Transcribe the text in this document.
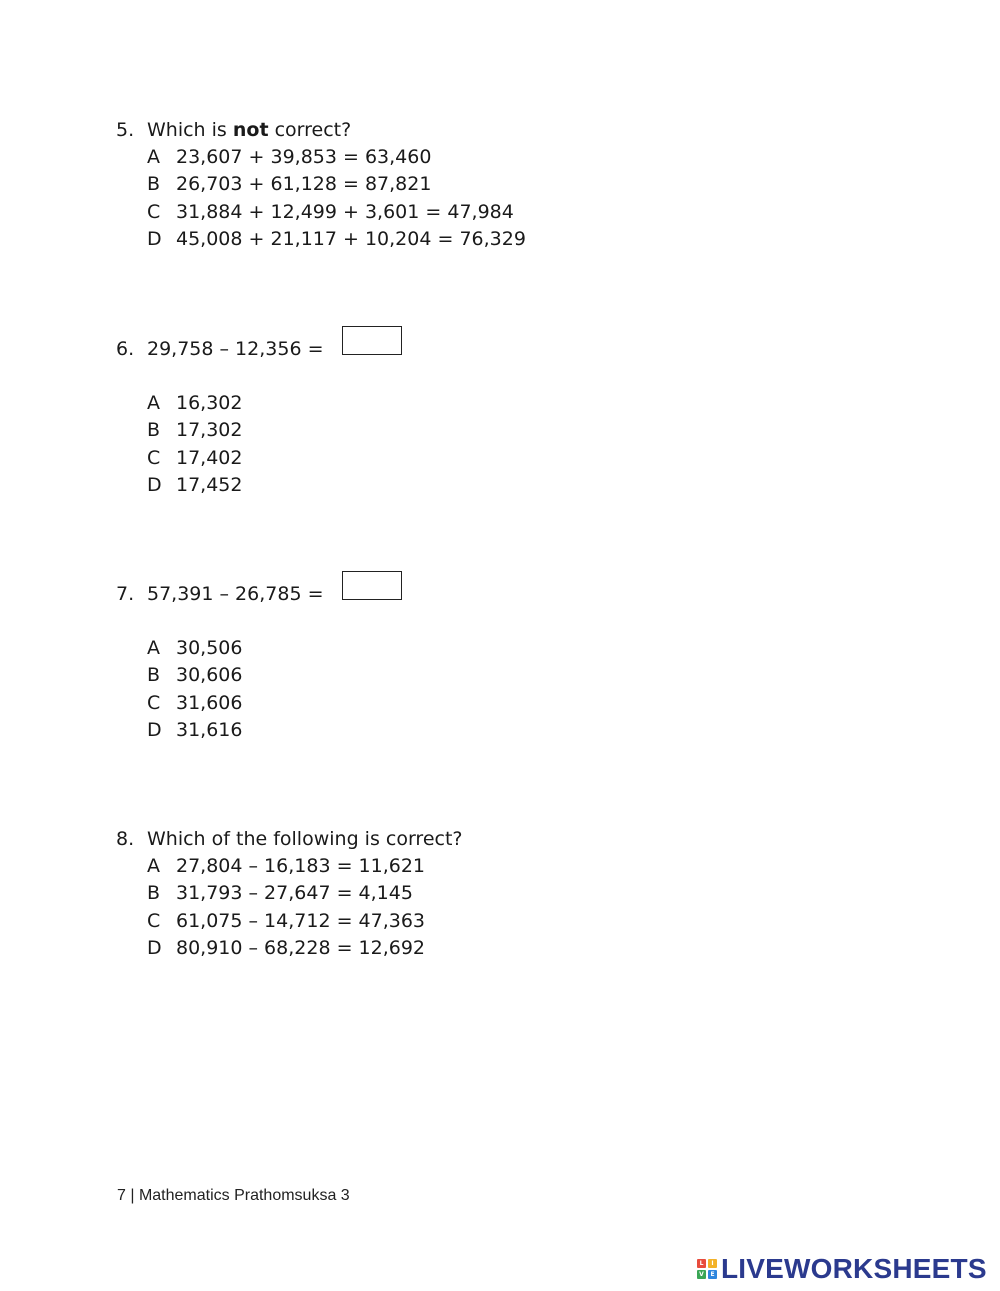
5. Which is not correct?
A 23,607 + 39,853 = 63,460
B 26,703 + 61,128 = 87,821
C 31,884 + 12,499 + 3,601 = 47,984
D 45,008 + 21,117 + 10,204 = 76,329
6. 29,758 – 12,356 =
A 16,302
B 17,302
C 17,402
D 17,452
7. 57,391 – 26,785 =
A 30,506
B 30,606
C 31,606
D 31,616
8. Which of the following is correct?
A 27,804 – 16,183 = 11,621
B 31,793 – 27,647 = 4,145
C 61,075 – 14,712 = 47,363
D 80,910 – 68,228 = 12,692
7 | Mathematics Prathomsuksa 3
L	I
V	E LIVEWORKSHEETS
